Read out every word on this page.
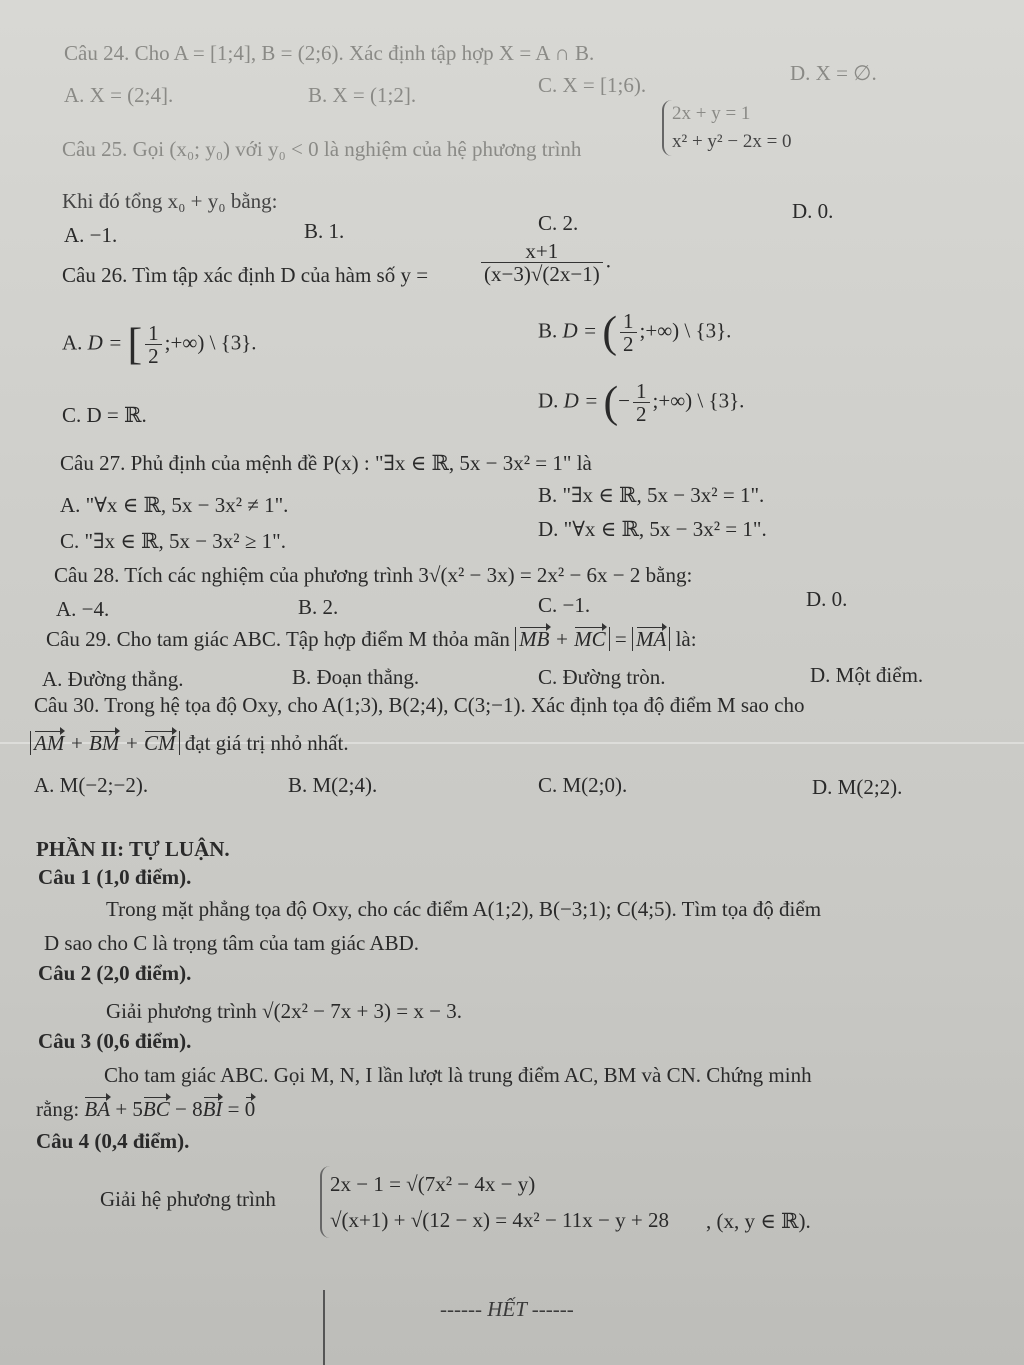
Câu 24. Cho A = [1;4], B = (2;6). Xác định tập hợp X = A ∩ B.
A. X = (2;4].	B. X = (1;2].	C. X = [1;6).	D. X = ∅.
Câu 25. Gọi (x₀; y₀) với y₀ < 0 là nghiệm của hệ phương trình
2x + y = 1
x² + y² − 2x = 0
Khi đó tổng x₀ + y₀ bằng:
A. −1.	B. 1.	C. 2.	D. 0.
Câu 26. Tìm tập xác định D của hàm số y =	$\frac{x+1}{(x-3)√(2x-1)}$ .
A. D = [ $\frac{1}{2}$ ;+∞) \ {3}.	B. D = ( $\frac{1}{2}$ ;+∞) \ {3}.
C. D = ℝ.
D. D = (− $\frac{1}{2}$ ;+∞) \ {3}.
Câu 27. Phủ định của mệnh đề P(x) : "∃x ∈ ℝ, 5x − 3x² = 1" là
A. "∀x ∈ ℝ, 5x − 3x² ≠ 1".	B. "∃x ∈ ℝ, 5x − 3x² = 1".
C. "∃x ∈ ℝ, 5x − 3x² ≥ 1".	D. "∀x ∈ ℝ, 5x − 3x² = 1".
Câu 28. Tích các nghiệm của phương trình 3√(x² − 3x) = 2x² − 6x − 2 bằng:
A. −4.	B. 2.	C. −1.	D. 0.
Câu 29. Cho tam giác ABC. Tập hợp điểm M thỏa mãn MB + MC = MA là:
A. Đường thẳng.	B. Đoạn thẳng.	C. Đường tròn.	D. Một điểm.
Câu 30. Trong hệ tọa độ Oxy, cho A(1;3), B(2;4), C(3;−1). Xác định tọa độ điểm M sao cho
AM + BM + CM đạt giá trị nhỏ nhất.
A. M(−2;−2).	B. M(2;4).	C. M(2;0).	D. M(2;2).
PHẦN II: TỰ LUẬN.
Câu 1 (1,0 điểm).
Trong mặt phẳng tọa độ Oxy, cho các điểm A(1;2), B(−3;1); C(4;5). Tìm tọa độ điểm
D sao cho C là trọng tâm của tam giác ABD.
Câu 2 (2,0 điểm).
Giải phương trình √(2x² − 7x + 3) = x − 3.
Câu 3 (0,6 điểm).
Cho tam giác ABC. Gọi M, N, I lần lượt là trung điểm AC, BM và CN. Chứng minh
rằng: BA + 5BC − 8BI = 0
Câu 4 (0,4 điểm).
Giải hệ phương trình
2x − 1 = √(7x² − 4x − y)
√(x+1) + √(12 − x) = 4x² − 11x − y + 28 , (x, y ∈ ℝ).
------ HẾT ------
